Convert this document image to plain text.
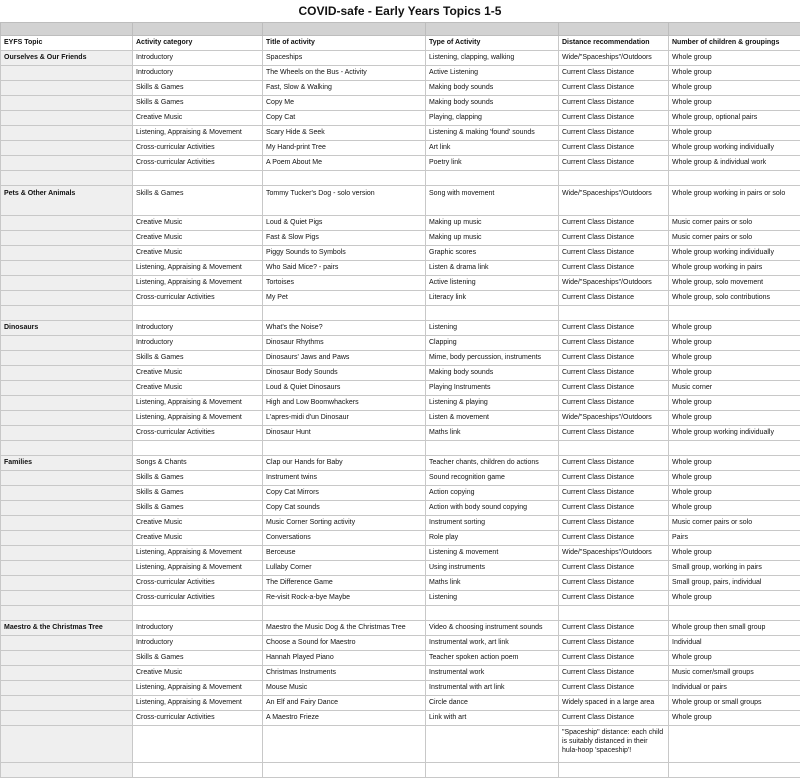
COVID-safe - Early Years Topics 1-5

EYFS Topic	Activity category	Title of activity	Type of Activity	Distance recommendation	Number of children & groupings
Ourselves & Our Friends	Introductory	Spaceships	Listening, clapping, walking	Wide/"Spaceships"/Outdoors	Whole group
	Introductory	The Wheels on the Bus - Activity	Active Listening	Current Class Distance	Whole group
	Skills & Games	Fast, Slow & Walking	Making body sounds	Current Class Distance	Whole group
	Skills & Games	Copy Me	Making body sounds	Current Class Distance	Whole group
	Creative Music	Copy Cat	Playing, clapping	Current Class Distance	Whole group, optional pairs
	Listening, Appraising & Movement	Scary Hide & Seek	Listening & making 'found' sounds	Current Class Distance	Whole group
	Cross-curricular Activities	My Hand-print Tree	Art link	Current Class Distance	Whole group working individually
	Cross-curricular Activities	A Poem About Me	Poetry link	Current Class Distance	Whole group & individual work

Pets & Other Animals	Skills & Games	Tommy Tucker's Dog - solo version	Song with movement	Wide/"Spaceships"/Outdoors	Whole group working in pairs or solo
	Creative Music	Loud & Quiet Pigs	Making up music	Current Class Distance	Music corner pairs or solo
	Creative Music	Fast & Slow Pigs	Making up music	Current Class Distance	Music corner pairs or solo
	Creative Music	Piggy Sounds to Symbols	Graphic scores	Current Class Distance	Whole group working individually
	Listening, Appraising & Movement	Who Said Mice? - pairs	Listen & drama link	Current Class Distance	Whole group working in pairs
	Listening, Appraising & Movement	Tortoises	Active listening	Wide/"Spaceships"/Outdoors	Whole group, solo movement
	Cross-curricular Activities	My Pet	Literacy link	Current Class Distance	Whole group, solo contributions

Dinosaurs	Introductory	What's the Noise?	Listening	Current Class Distance	Whole group
	Introductory	Dinosaur Rhythms	Clapping	Current Class Distance	Whole group
	Skills & Games	Dinosaurs' Jaws and Paws	Mime, body percussion, instruments	Current Class Distance	Whole group
	Creative Music	Dinosaur Body Sounds	Making body sounds	Current Class Distance	Whole group
	Creative Music	Loud & Quiet Dinosaurs	Playing Instruments	Current Class Distance	Music corner
	Listening, Appraising & Movement	High and Low Boomwhackers	Listening & playing	Current Class Distance	Whole group
	Listening, Appraising & Movement	L'apres-midi d'un Dinosaur	Listen & movement	Wide/"Spaceships"/Outdoors	Whole group
	Cross-curricular Activities	Dinosaur Hunt	Maths link	Current Class Distance	Whole group working individually

Families	Songs & Chants	Clap our Hands for Baby	Teacher chants, children do actions	Current Class Distance	Whole group
	Skills & Games	Instrument twins	Sound recognition game	Current Class Distance	Whole group
	Skills & Games	Copy Cat Mirrors	Action copying	Current Class Distance	Whole group
	Skills & Games	Copy Cat sounds	Action with body sound copying	Current Class Distance	Whole group
	Creative Music	Music Corner Sorting activity	Instrument sorting	Current Class Distance	Music corner pairs or solo
	Creative Music	Conversations	Role play	Current Class Distance	Pairs
	Listening, Appraising & Movement	Berceuse	Listening & movement	Wide/"Spaceships"/Outdoors	Whole group
	Listening, Appraising & Movement	Lullaby Corner	Using instruments	Current Class Distance	Small group, working in pairs
	Cross-curricular Activities	The Difference Game	Maths link	Current Class Distance	Small group, pairs, individual
	Cross-curricular Activities	Re-visit Rock-a-bye Maybe	Listening	Current Class Distance	Whole group

Maestro & the Christmas Tree	Introductory	Maestro the Music Dog & the Christmas Tree	Video & choosing instrument sounds	Current Class Distance	Whole group then small group
	Introductory	Choose a Sound for Maestro	Instrumental work, art link	Current Class Distance	Individual
	Skills & Games	Hannah Played Piano	Teacher spoken action poem	Current Class Distance	Whole group
	Creative Music	Christmas Instruments	Instrumental work	Current Class Distance	Music corner/small groups
	Listening, Appraising & Movement	Mouse Music	Instrumental with art link	Current Class Distance	Individual or pairs
	Listening, Appraising & Movement	An Elf and Fairy Dance	Circle dance	Widely spaced in a large area	Whole group or small groups
	Cross-curricular Activities	A Maestro Frieze	Link with art	Current Class Distance	Whole group
				"Spaceship" distance: each child is suitably distanced in their hula-hoop 'spaceship'!	
